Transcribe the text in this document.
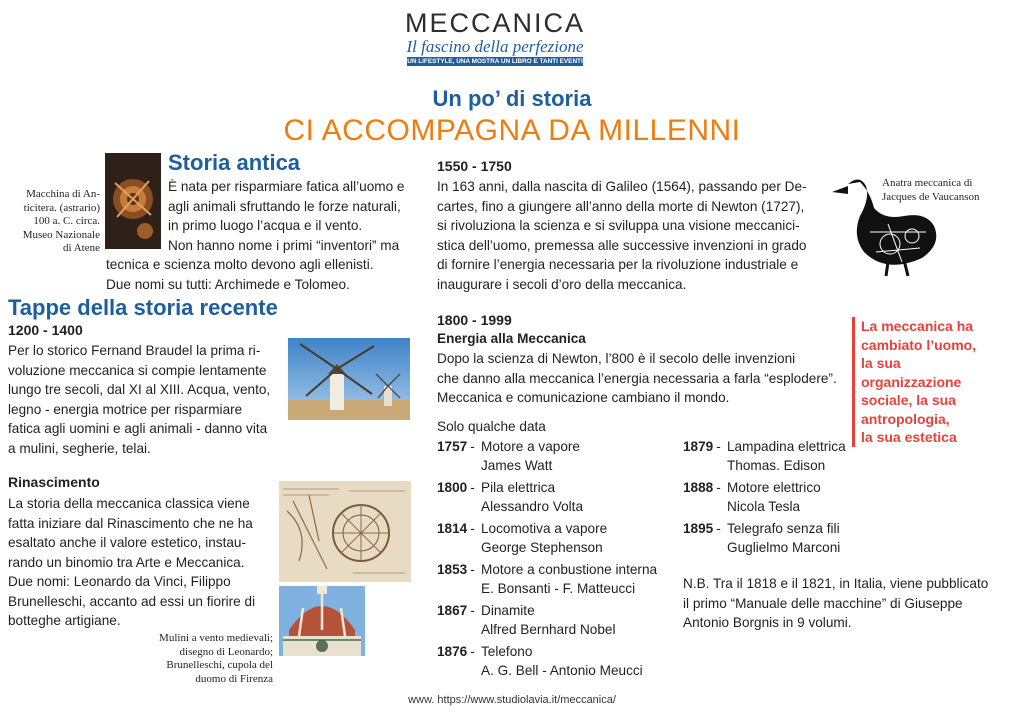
MECCANICA
Il fascino della perfezione
UN LIFESTYLE, UNA MOSTRA UN LIBRO E TANTI EVENTI
Un po’ di storia
CI ACCOMPAGNA DA MILLENNI
Macchina di An-
ticitera. (astrario)
100 a. C. circa.
Museo Nazionale
di Atene
Storia antica
È nata per risparmiare fatica all’uomo e
agli animali sfruttando le forze naturali,
in primo luogo l’acqua e il vento.
Non hanno nome i primi “inventori” ma
tecnica e scienza molto devono agli ellenisti.
Due nomi su tutti: Archimede e Tolomeo.
Tappe della storia recente
1200 - 1400
Per lo storico Fernand Braudel la prima ri-
voluzione meccanica si compie lentamente
lungo tre secoli, dal XI al XIII. Acqua, vento,
legno - energia motrice per risparmiare
fatica agli uomini e agli animali - danno vita
a mulini, segherie, telai.
Rinascimento
La storia della meccanica classica viene
fatta iniziare dal Rinascimento che ne ha
esaltato anche il valore estetico, instau-
rando un binomio tra Arte e Meccanica.
Due nomi: Leonardo da Vinci, Filippo
Brunelleschi, accanto ad essi un fiorire di
botteghe artigiane.
Mulini a vento medievali;
disegno di Leonardo;
Brunelleschi, cupola del
duomo di Firenza
1550 - 1750
In 163 anni, dalla nascita di Galileo (1564), passando per De-
cartes, fino a giungere all’anno della morte di Newton (1727),
si rivoluziona la scienza e si sviluppa una visione meccanici-
stica dell’uomo, premessa alle successive invenzioni in grado
di fornire l’energia necessaria per la rivoluzione industriale e
inaugurare i secoli d’oro della meccanica.
Anatra meccanica di
Jacques de Vaucanson
1800 - 1999
Energia alla Meccanica
Dopo la scienza di Newton, l’800 è il secolo delle invenzioni
che danno alla meccanica l’energia necessaria a farla “esplodere”.
Meccanica e comunicazione cambiano il mondo.
Solo qualche data
1757 - Motore a vapore
James Watt
1800 - Pila elettrica
Alessandro Volta
1814 - Locomotiva a vapore
George Stephenson
1853 - Motore a conbustione interna
E. Bonsanti - F. Matteucci
1867 - Dinamite
Alfred Bernhard Nobel
1876 - Telefono
A. G. Bell - Antonio Meucci
1879 - Lampadina elettrica
Thomas. Edison
1888 - Motore elettrico
Nicola Tesla
1895 - Telegrafo senza fili
Guglielmo Marconi
N.B. Tra il 1818 e il 1821, in Italia, viene pubblicato
il primo “Manuale delle macchine” di Giuseppe
Antonio Borgnis in 9 volumi.
La meccanica ha
cambiato l’uomo,
la sua organizzazione
sociale, la sua
antropologia,
la sua estetica
www. https://www.studiolavia.it/meccanica/
